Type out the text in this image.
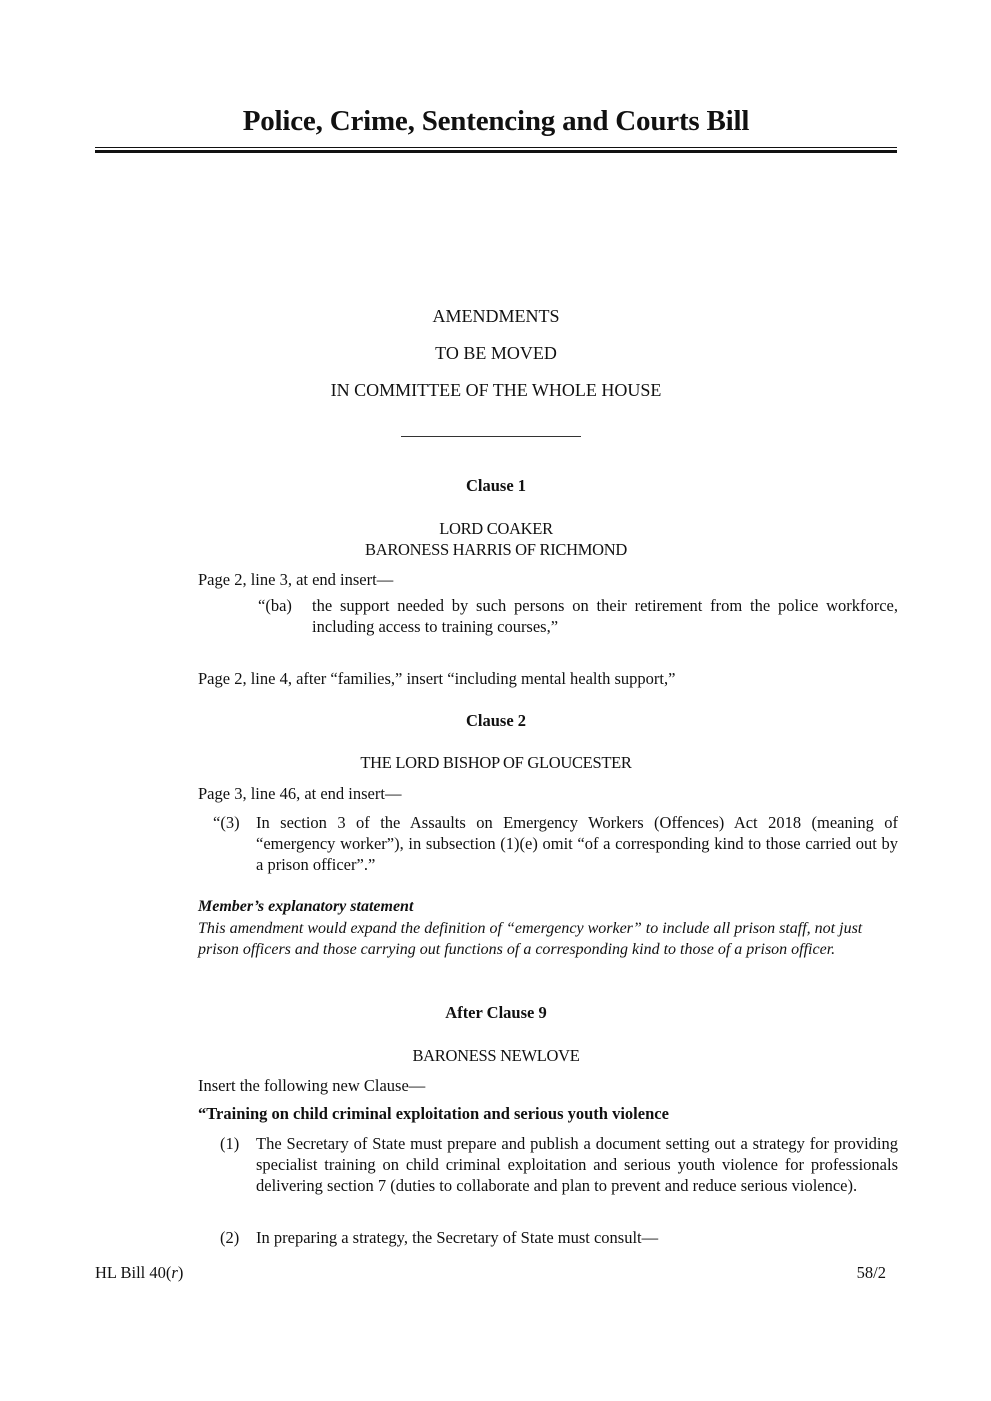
Police, Crime, Sentencing and Courts Bill
AMENDMENTS
TO BE MOVED
IN COMMITTEE OF THE WHOLE HOUSE
Clause 1
LORD COAKER
BARONESS HARRIS OF RICHMOND
Page 2, line 3, at end insert—
“(ba) the support needed by such persons on their retirement from the police workforce, including access to training courses,”
Page 2, line 4, after “families,” insert “including mental health support,”
Clause 2
THE LORD BISHOP OF GLOUCESTER
Page 3, line 46, at end insert—
“(3) In section 3 of the Assaults on Emergency Workers (Offences) Act 2018 (meaning of “emergency worker”), in subsection (1)(e) omit “of a corresponding kind to those carried out by a prison officer”.”
Member’s explanatory statement
This amendment would expand the definition of “emergency worker” to include all prison staff, not just prison officers and those carrying out functions of a corresponding kind to those of a prison officer.
After Clause 9
BARONESS NEWLOVE
Insert the following new Clause—
“Training on child criminal exploitation and serious youth violence
(1) The Secretary of State must prepare and publish a document setting out a strategy for providing specialist training on child criminal exploitation and serious youth violence for professionals delivering section 7 (duties to collaborate and plan to prevent and reduce serious violence).
(2) In preparing a strategy, the Secretary of State must consult—
HL Bill 40(r)	58/2
